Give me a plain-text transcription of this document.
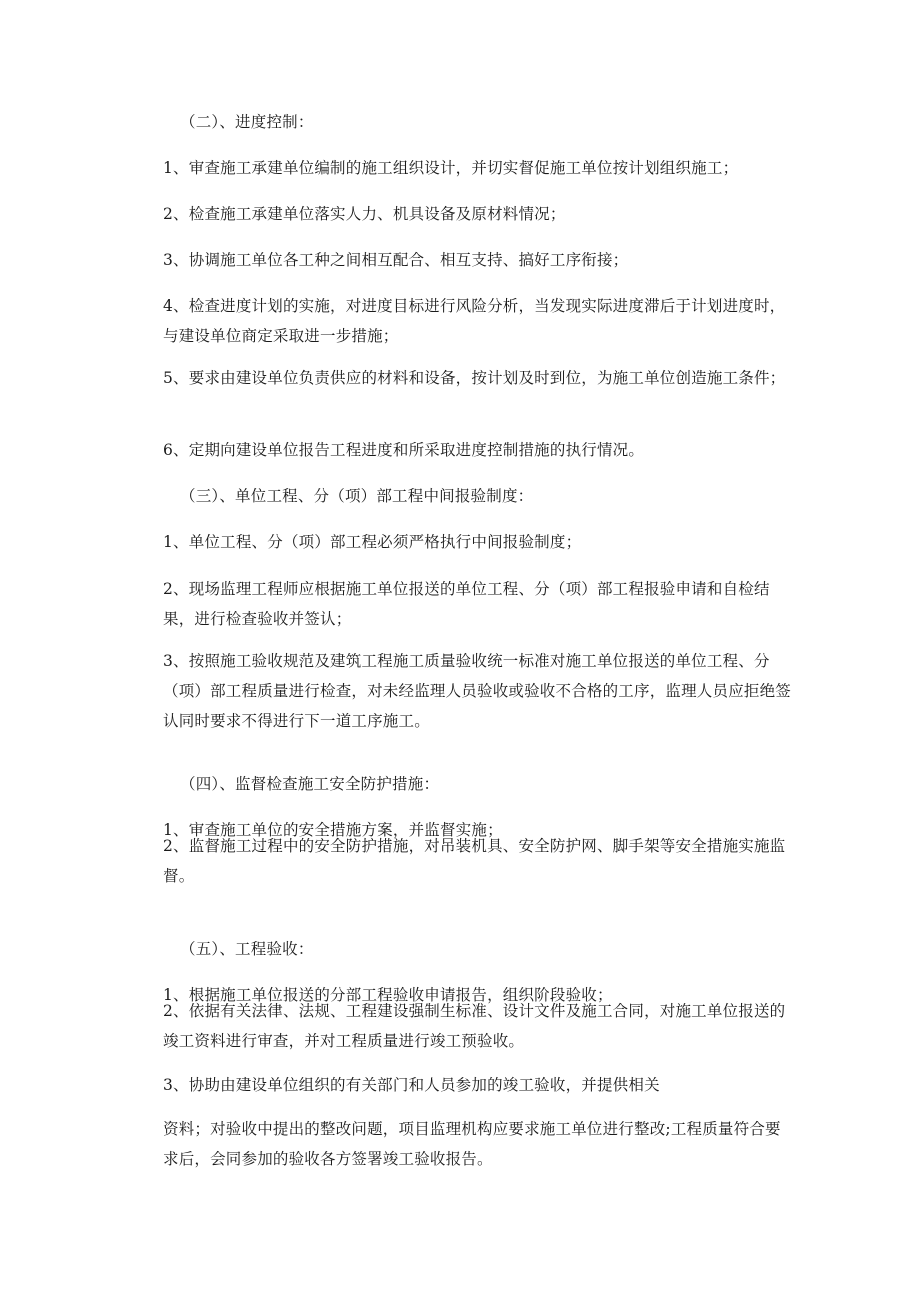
（二）、进度控制：
1、审查施工承建单位编制的施工组织设计，并切实督促施工单位按计划组织施工；
2、检查施工承建单位落实人力、机具设备及原材料情况；
3、协调施工单位各工种之间相互配合、相互支持、搞好工序衔接；
4、检查进度计划的实施，对进度目标进行风险分析，当发现实际进度滞后于计划进度时，与建设单位商定采取进一步措施；
5、要求由建设单位负责供应的材料和设备，按计划及时到位，为施工单位创造施工条件；
6、定期向建设单位报告工程进度和所采取进度控制措施的执行情况。
（三）、单位工程、分（项）部工程中间报验制度：
1、单位工程、分（项）部工程必须严格执行中间报验制度；
2、现场监理工程师应根据施工单位报送的单位工程、分（项）部工程报验申请和自检结果，进行检查验收并签认；
3、按照施工验收规范及建筑工程施工质量验收统一标准对施工单位报送的单位工程、分（项）部工程质量进行检查，对未经监理人员验收或验收不合格的工序，监理人员应拒绝签认同时要求不得进行下一道工序施工。
（四）、监督检查施工安全防护措施：
1、审查施工单位的安全措施方案，并监督实施；
2、监督施工过程中的安全防护措施，对吊装机具、安全防护网、脚手架等安全措施实施监督。
（五）、工程验收：
1、根据施工单位报送的分部工程验收申请报告，组织阶段验收；
2、依据有关法律、法规、工程建设强制生标准、设计文件及施工合同，对施工单位报送的竣工资料进行审查，并对工程质量进行竣工预验收。
3、协助由建设单位组织的有关部门和人员参加的竣工验收，并提供相关
资料；对验收中提出的整改问题，项目监理机构应要求施工单位进行整改;工程质量符合要求后，会同参加的验收各方签署竣工验收报告。
